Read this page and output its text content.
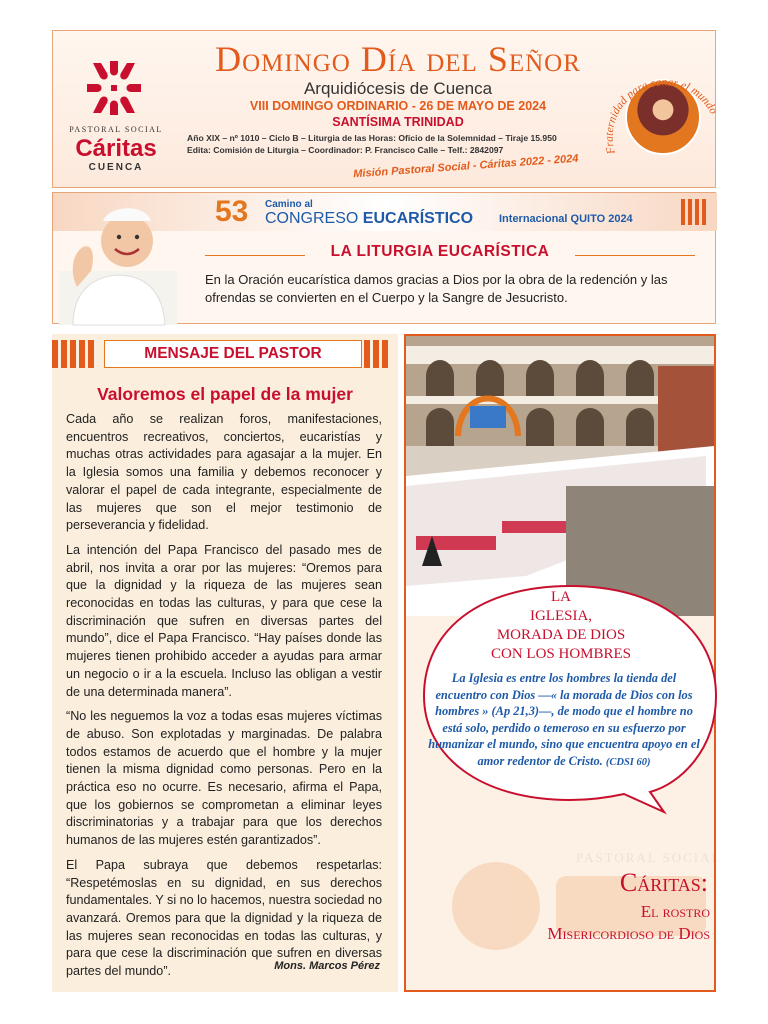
PASTORAL SOCIAL
Cáritas
CUENCA
Domingo Día del Señor
Arquidiócesis de Cuenca
VIII DOMINGO ORDINARIO - 26 DE MAYO DE 2024
SANTÍSIMA TRINIDAD
Año XIX – nº 1010 – Ciclo B – Liturgia de las Horas: Oficio de la Solemnidad – Tiraje 15.950
Edita: Comisión de Liturgia – Coordinador: P. Francisco Calle – Telf.: 2842097
Misión Pastoral Social - Cáritas 2022 - 2024
Fraternidad para sanar el mundo
53 Camino al
CONGRESO EUCARÍSTICO Internacional QUITO 2024
LA LITURGIA EUCARÍSTICA
En la Oración eucarística damos gracias a Dios por la obra de la redención y las ofrendas se convierten en el Cuerpo y la Sangre de Jesucristo.
MENSAJE DEL PASTOR
Valoremos el papel de la mujer

Cada año se realizan foros, manifestaciones, encuentros recreativos, conciertos, eucaristías y muchas otras actividades para agasajar a la mujer. En la Iglesia somos una familia y debemos reconocer y valorar el papel de cada integrante, especialmente de las mujeres que son el mejor testimonio de perseverancia y fidelidad.

La intención del Papa Francisco del pasado mes de abril, nos invita a orar por las mujeres: “Oremos para que la dignidad y la riqueza de las mujeres sean reconocidas en todas las culturas, y para que cese la discriminación que sufren en diversas partes del mundo”, dice el Papa Francisco. “Hay países donde las mujeres tienen prohibido acceder a ayudas para armar un negocio o ir a la escuela. Incluso las obligan a vestir de una determinada manera”.

“No les neguemos la voz a todas esas mujeres víctimas de abuso. Son explotadas y marginadas. De palabra todos estamos de acuerdo que el hombre y la mujer tienen la misma dignidad como personas. Pero en la práctica eso no ocurre. Es necesario, afirma el Papa, que los gobiernos se comprometan a eliminar leyes discriminatorias y a trabajar para que los derechos humanos de las mujeres estén garantizados”.

El Papa subraya que debemos respetarlas: “Respetémoslas en su dignidad, en sus derechos fundamentales. Y si no lo hacemos, nuestra sociedad no avanzará. Oremos para que la dignidad y la riqueza de las mujeres sean reconocidas en todas las culturas, y para que cese la discriminación que sufren en diversas partes del mundo”.	Mons. Marcos Pérez
LA
IGLESIA,
MORADA DE DIOS
CON LOS HOMBRES
La Iglesia es entre los hombres la tienda del encuentro con Dios —« la morada de Dios con los hombres » (Ap 21,3)—, de modo que el hombre no está solo, perdido o temeroso en su esfuerzo por humanizar el mundo, sino que encuentra apoyo en el amor redentor de Cristo. (CDSI 60)
PASTORAL SOCIAL
Cáritas:
El rostro
Misericordioso de Dios
